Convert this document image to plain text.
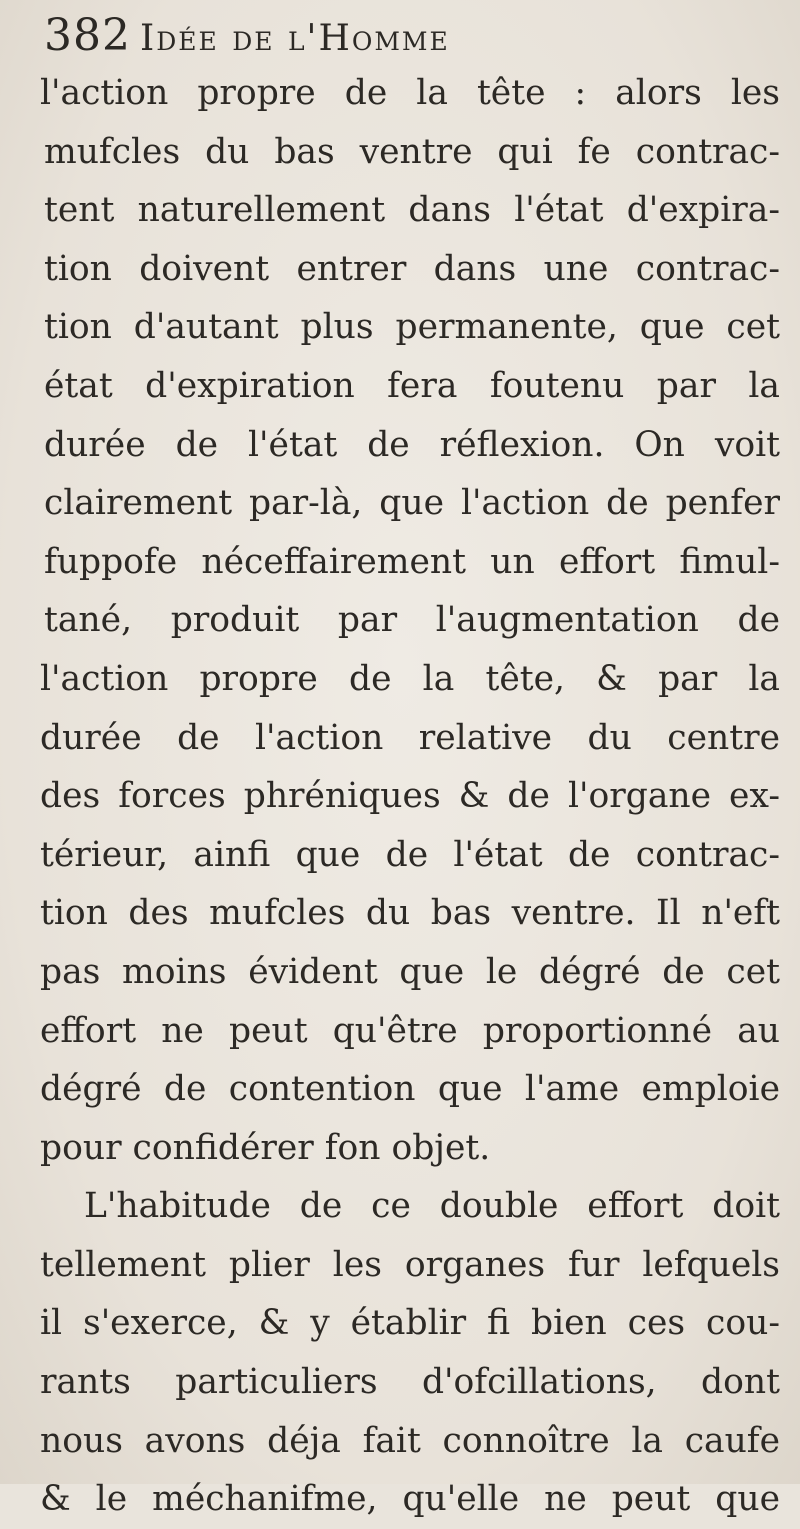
382 Idée de l'Homme
l'action propre de la tête : alors les
mufcles du bas ventre qui fe contrac-
tent naturellement dans l'état d'expira-
tion doivent entrer dans une contrac-
tion d'autant plus permanente, que cet
état d'expiration fera foutenu par la
durée de l'état de réflexion. On voit
clairement par-là, que l'action de penfer
fuppofe néceffairement un effort fimul-
tané, produit par l'augmentation de
l'action propre de la tête, & par la
durée de l'action relative du centre
des forces phréniques & de l'organe ex-
térieur, ainfi que de l'état de contrac-
tion des mufcles du bas ventre. Il n'eft
pas moins évident que le dégré de cet
effort ne peut qu'être proportionné au
dégré de contention que l'ame emploie
pour confidérer fon objet.
L'habitude de ce double effort doit
tellement plier les organes fur lefquels
il s'exerce, & y établir fi bien ces cou-
rants particuliers d'ofcillations, dont
nous avons déja fait connoître la caufe
& le méchanifme, qu'elle ne peut que
